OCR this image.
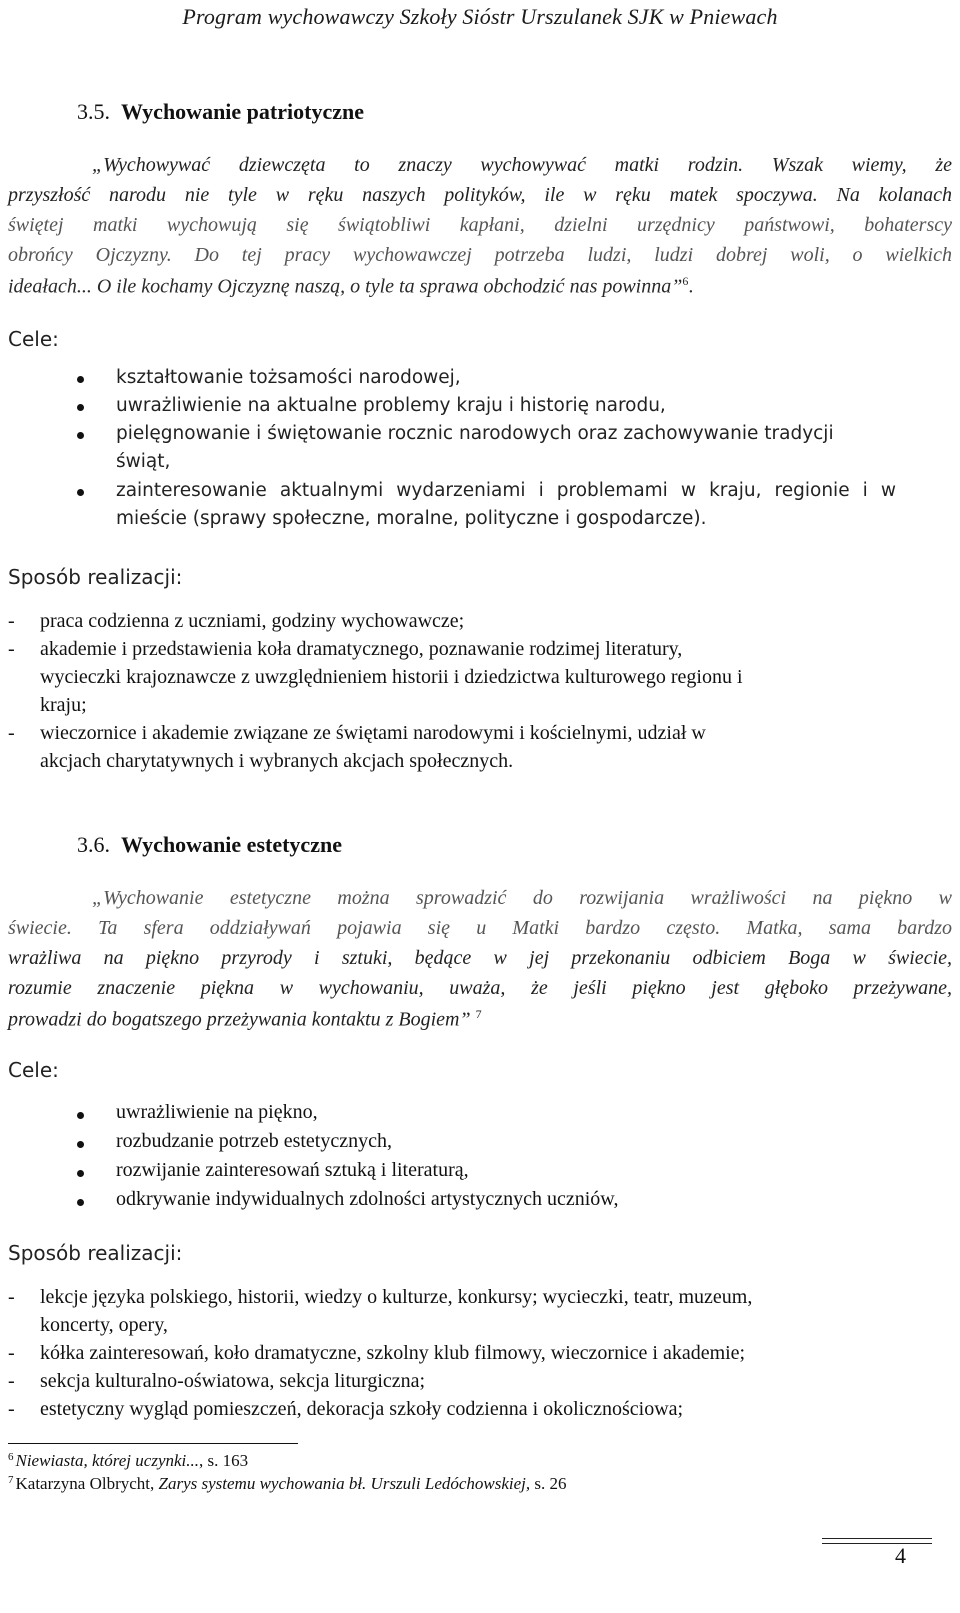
Program wychowawczy Szkoły Sióstr Urszulanek SJK w Pniewach
3.5. Wychowanie patriotyczne
„Wychowywać dziewczęta to znaczy wychowywać matki rodzin. Wszak wiemy, że
przyszłość narodu nie tyle w ręku naszych polityków, ile w ręku matek spoczywa. Na kolanach
świętej matki wychowują się świątobliwi kapłani, dzielni urzędnicy państwowi, bohaterscy
obrońcy Ojczyzny. Do tej pracy wychowawczej potrzeba ludzi, ludzi dobrej woli, o wielkich
ideałach... O ile kochamy Ojczyznę naszą, o tyle ta sprawa obchodzić nas powinna”$^6$.
Cele:
kształtowanie tożsamości narodowej,
uwrażliwienie na aktualne problemy kraju i historię narodu,
pielęgnowanie i świętowanie rocznic narodowych oraz zachowywanie tradycji
świąt,
zainteresowanie aktualnymi wydarzeniami i problemami w kraju, regionie i w
mieście (sprawy społeczne, moralne, polityczne i gospodarcze).
Sposób realizacji:
- praca codzienna z uczniami, godziny wychowawcze;
- akademie i przedstawienia koła dramatycznego, poznawanie rodzimej literatury,
wycieczki krajoznawcze z uwzględnieniem historii i dziedzictwa kulturowego regionu i
kraju;
- wieczornice i akademie związane ze świętami narodowymi i kościelnymi, udział w
akcjach charytatywnych i wybranych akcjach społecznych.
3.6. Wychowanie estetyczne
„Wychowanie estetyczne można sprowadzić do rozwijania wrażliwości na piękno w
świecie. Ta sfera oddziaływań pojawia się u Matki bardzo często. Matka, sama bardzo
wrażliwa na piękno przyrody i sztuki, będące w jej przekonaniu odbiciem Boga w świecie,
rozumie znaczenie piękna w wychowaniu, uważa, że jeśli piękno jest głęboko przeżywane,
prowadzi do bogatszego przeżywania kontaktu z Bogiem” $^7$
Cele:
uwrażliwienie na piękno,
rozbudzanie potrzeb estetycznych,
rozwijanie zainteresowań sztuką i literaturą,
odkrywanie indywidualnych zdolności artystycznych uczniów,
Sposób realizacji:
- lekcje języka polskiego, historii, wiedzy o kulturze, konkursy; wycieczki, teatr, muzeum,
koncerty, opery,
- kółka zainteresowań, koło dramatyczne, szkolny klub filmowy, wieczornice i akademie;
- sekcja kulturalno-oświatowa, sekcja liturgiczna;
- estetyczny wygląd pomieszczeń, dekoracja szkoły codzienna i okolicznościowa;
$^6$ Niewiasta, której uczynki..., s. 163
$^7$ Katarzyna Olbrycht, Zarys systemu wychowania bł. Urszuli Ledóchowskiej, s. 26
4
